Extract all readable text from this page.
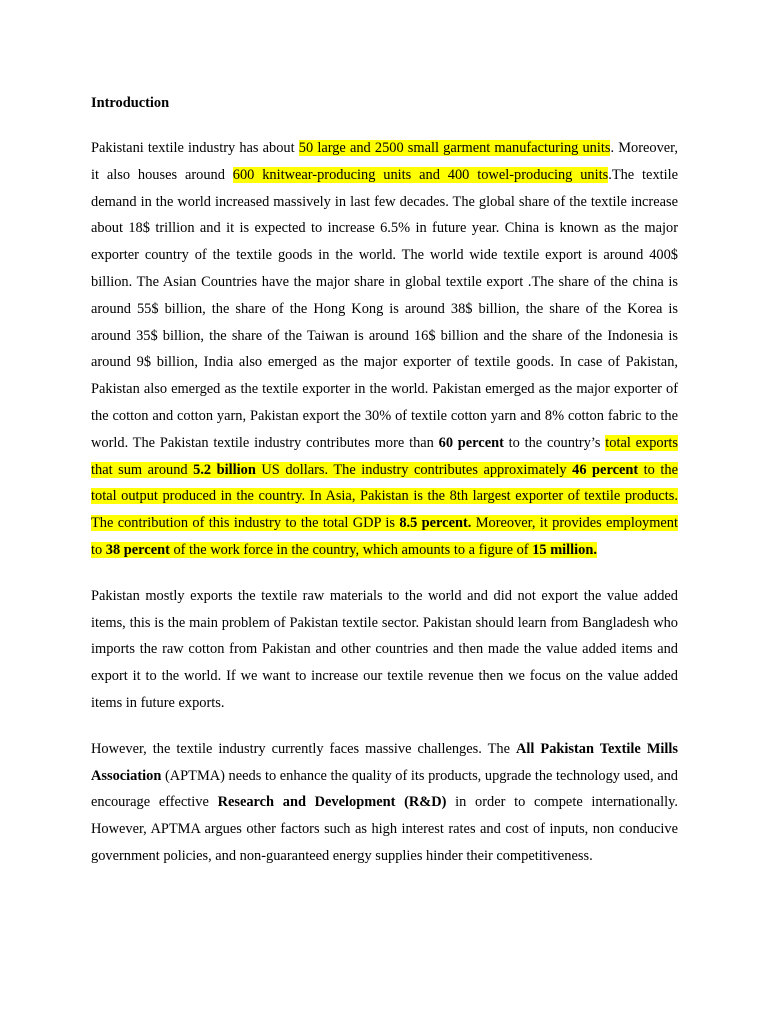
Introduction

Pakistani textile industry has about 50 large and 2500 small garment manufacturing units. Moreover, it also houses around 600 knitwear-producing units and 400 towel-producing units.The textile demand in the world increased massively in last few decades. The global share of the textile increase about 18$ trillion and it is expected to increase 6.5% in future year. China is known as the major exporter country of the textile goods in the world. The world wide textile export is around 400$ billion. The Asian Countries have the major share in global textile export .The share of the china is around 55$ billion, the share of the Hong Kong is around 38$ billion, the share of the Korea is around 35$ billion, the share of the Taiwan is around 16$ billion and the share of the Indonesia is around 9$ billion, India also emerged as the major exporter of textile goods. In case of Pakistan, Pakistan also emerged as the textile exporter in the world. Pakistan emerged as the major exporter of the cotton and cotton yarn, Pakistan export the 30% of textile cotton yarn and 8% cotton fabric to the world. The Pakistan textile industry contributes more than 60 percent to the country’s total exports that sum around 5.2 billion US dollars. The industry contributes approximately 46 percent to the total output produced in the country. In Asia, Pakistan is the 8th largest exporter of textile products. The contribution of this industry to the total GDP is 8.5 percent. Moreover, it provides employment to 38 percent of the work force in the country, which amounts to a figure of 15 million.

Pakistan mostly exports the textile raw materials to the world and did not export the value added items, this is the main problem of Pakistan textile sector. Pakistan should learn from Bangladesh who imports the raw cotton from Pakistan and other countries and then made the value added items and export it to the world. If we want to increase our textile revenue then we focus on the value added items in future exports.

However, the textile industry currently faces massive challenges. The All Pakistan Textile Mills Association (APTMA) needs to enhance the quality of its products, upgrade the technology used, and encourage effective Research and Development (R&D) in order to compete internationally. However, APTMA argues other factors such as high interest rates and cost of inputs, non conducive government policies, and non-guaranteed energy supplies hinder their competitiveness.
